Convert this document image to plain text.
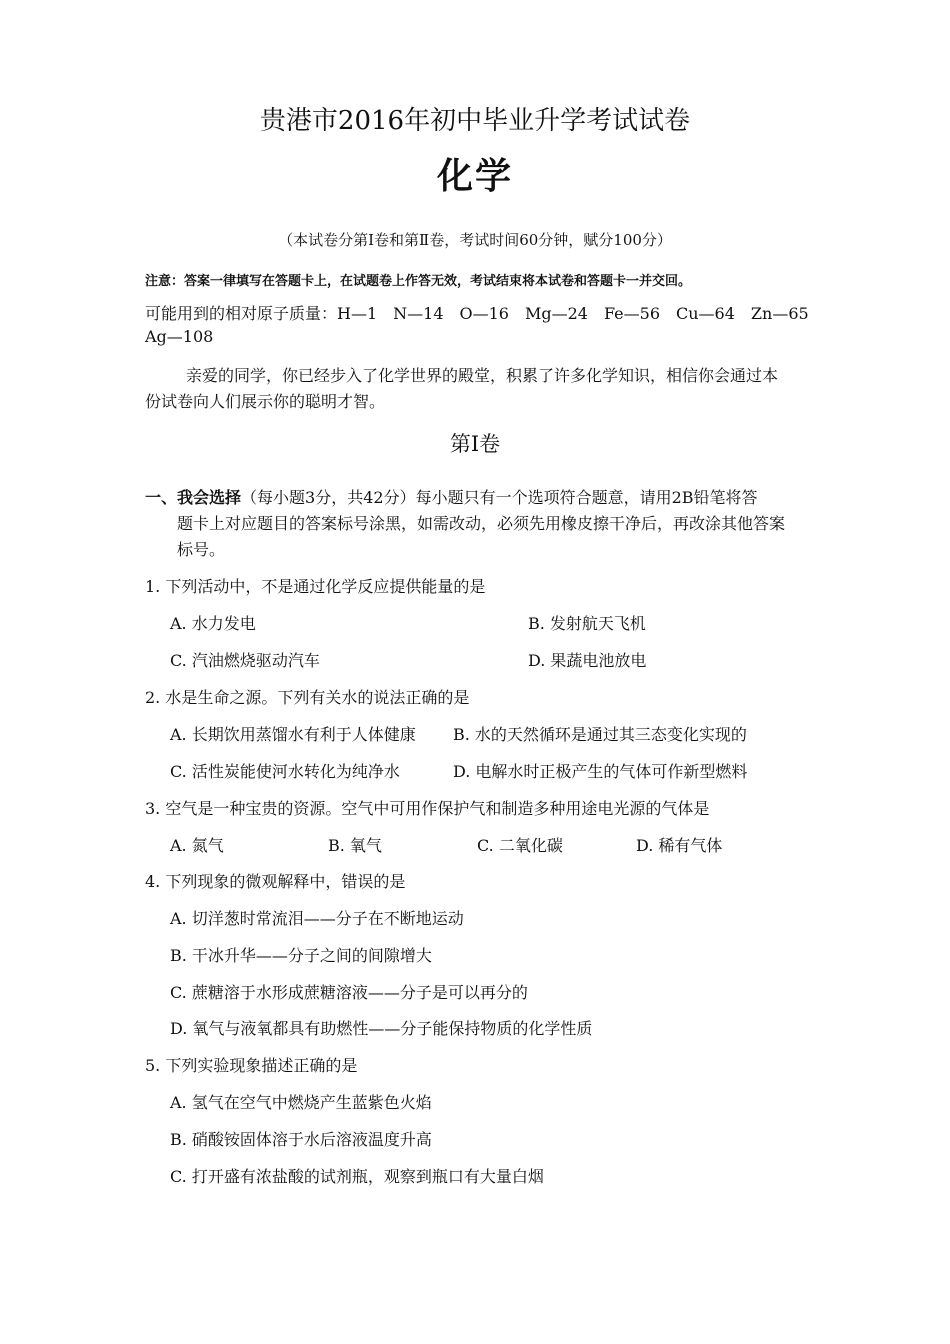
贵港市2016年初中毕业升学考试试卷
化学
（本试卷分第Ⅰ卷和第Ⅱ卷，考试时间60分钟，赋分100分）
注意：答案一律填写在答题卡上，在试题卷上作答无效，考试结束将本试卷和答题卡一并交回。
可能用到的相对原子质量：H—1　N—14　O—16　Mg—24　Fe—56　Cu—64　Zn—65
Ag—108
亲爱的同学，你已经步入了化学世界的殿堂，积累了许多化学知识，相信你会通过本
份试卷向人们展示你的聪明才智。
第Ⅰ卷
一、我会选择（每小题3分，共42分）每小题只有一个选项符合题意，请用2B铅笔将答
题卡上对应题目的答案标号涂黑，如需改动，必须先用橡皮擦干净后，再改涂其他答案
标号。
1. 下列活动中，不是通过化学反应提供能量的是
A. 水力发电	B. 发射航天飞机
C. 汽油燃烧驱动汽车	D. 果蔬电池放电
2. 水是生命之源。下列有关水的说法正确的是
A. 长期饮用蒸馏水有利于人体健康 B. 水的天然循环是通过其三态变化实现的
C. 活性炭能使河水转化为纯净水	D. 电解水时正极产生的气体可作新型燃料
3. 空气是一种宝贵的资源。空气中可用作保护气和制造多种用途电光源的气体是
A. 氮气	B. 氧气	C. 二氧化碳	D. 稀有气体
4. 下列现象的微观解释中，错误的是
A. 切洋葱时常流泪——分子在不断地运动
B. 干冰升华——分子之间的间隙增大
C. 蔗糖溶于水形成蔗糖溶液——分子是可以再分的
D. 氧气与液氧都具有助燃性——分子能保持物质的化学性质
5. 下列实验现象描述正确的是
A. 氢气在空气中燃烧产生蓝紫色火焰
B. 硝酸铵固体溶于水后溶液温度升高
C. 打开盛有浓盐酸的试剂瓶，观察到瓶口有大量白烟
